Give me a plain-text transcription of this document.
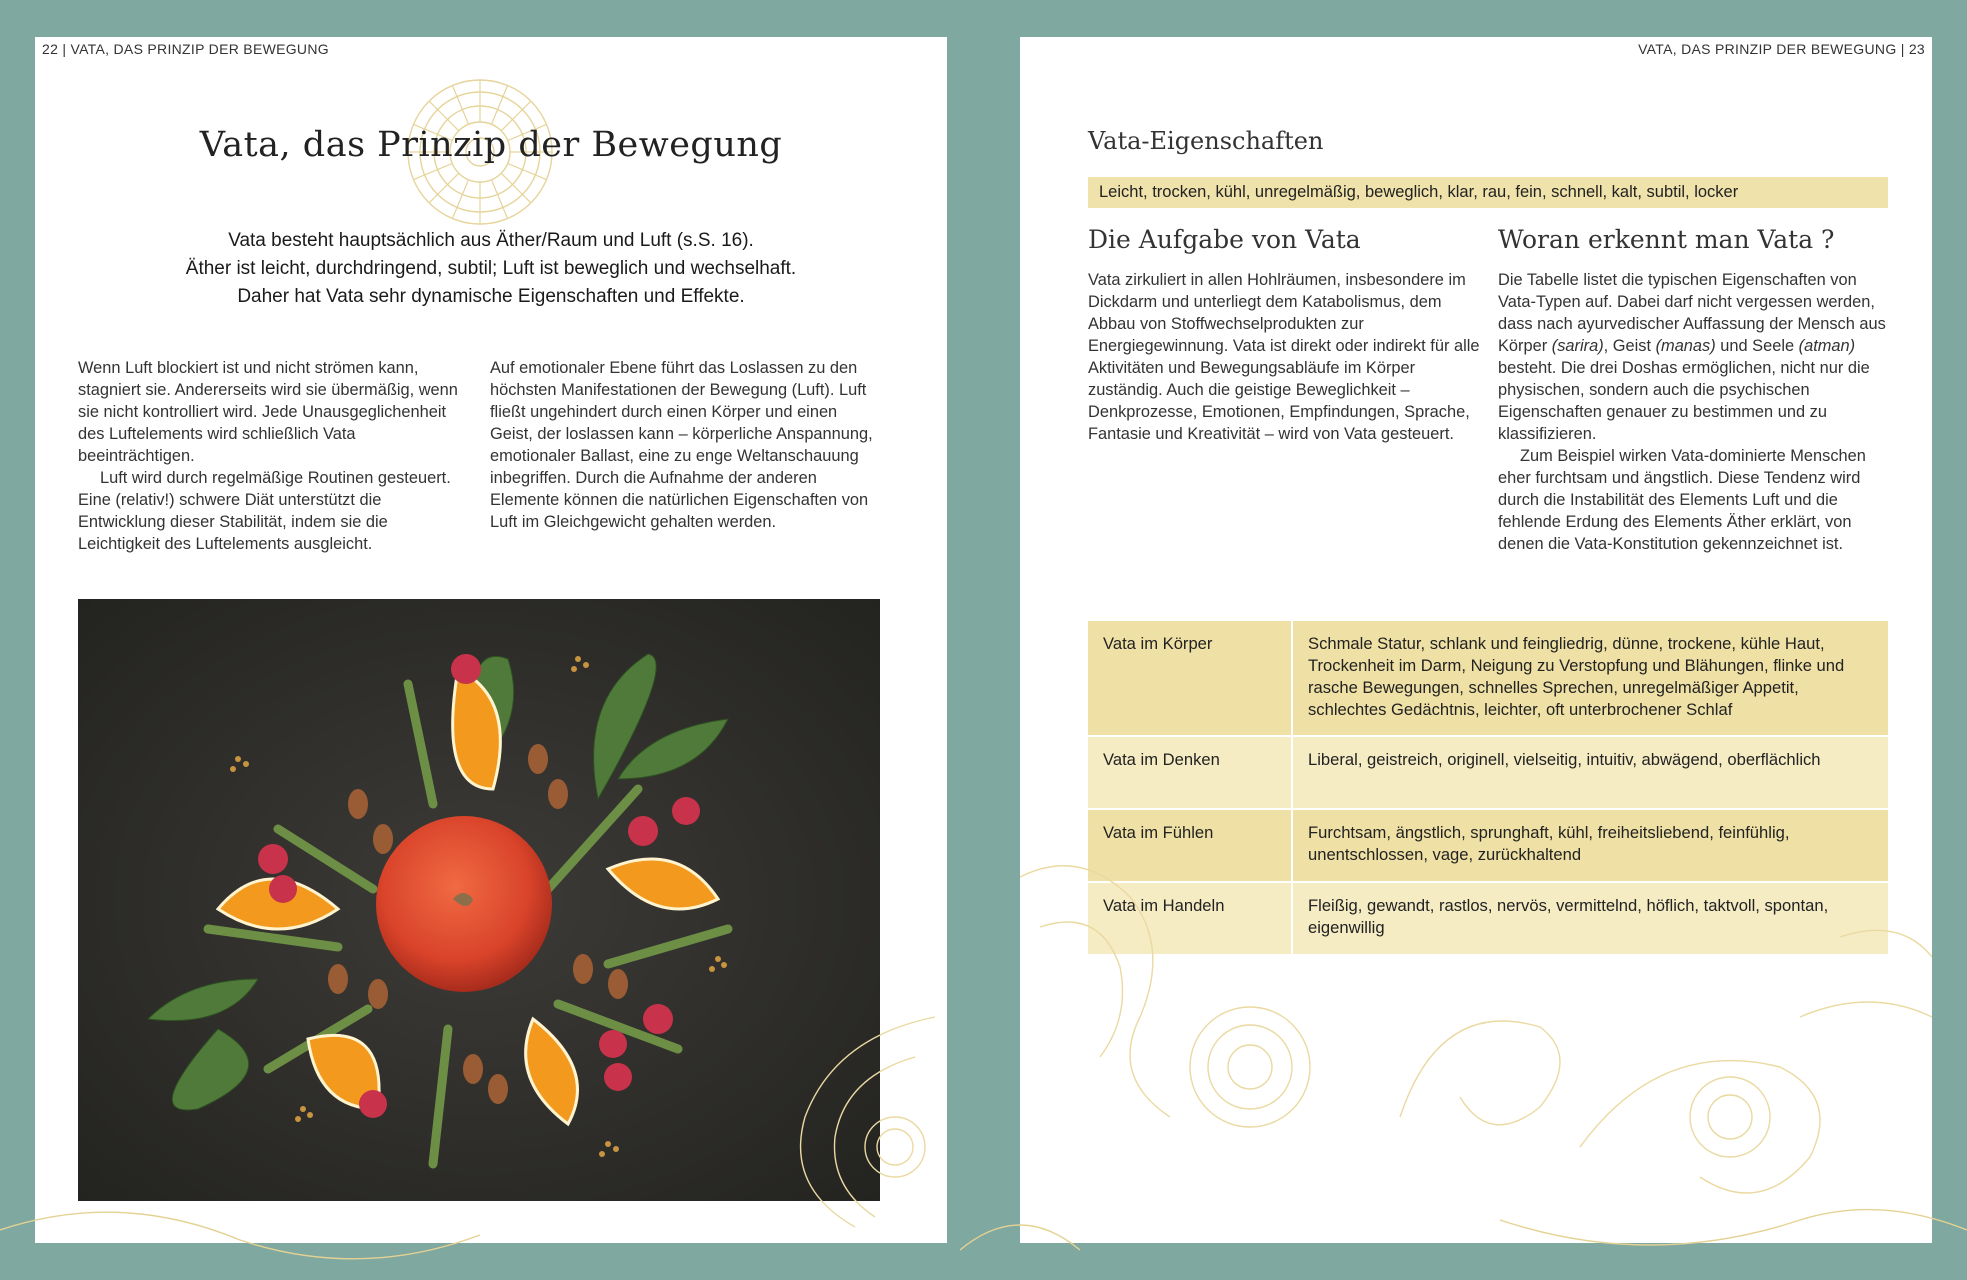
22 | VATA, DAS PRINZIP DER BEWEGUNG
Vata, das Prinzip der Bewegung

Vata besteht hauptsächlich aus Äther/Raum und Luft (s.S. 16).

Äther ist leicht, durchdringend, subtil; Luft ist beweglich und wechselhaft.

Daher hat Vata sehr dynamische Eigenschaften und Effekte.

Wenn Luft blockiert ist und nicht strömen kann, stagniert sie. Andererseits wird sie übermäßig, wenn sie nicht kontrolliert wird. Jede Unausgeglichenheit des Luftelements wird schließlich Vata beeinträchtigen.

Luft wird durch regelmäßige Routinen gesteuert. Eine (relativ!) schwere Diät unterstützt die Entwicklung dieser Stabilität, indem sie die Leichtigkeit des Luftelements ausgleicht.

Auf emotionaler Ebene führt das Loslassen zu den höchsten Manifestationen der Bewegung (Luft). Luft fließt ungehindert durch einen Körper und einen Geist, der loslassen kann – körperliche Anspannung, emotionaler Ballast, eine zu enge Weltanschauung inbegriffen. Durch die Aufnahme der anderen Elemente können die natürlichen Eigenschaften von Luft im Gleichgewicht gehalten werden.

VATA, DAS PRINZIP DER BEWEGUNG | 23
Vata-Eigenschaften
Leicht, trocken, kühl, unregelmäßig, beweglich, klar, rau, fein, schnell, kalt, subtil, locker
Die Aufgabe von Vata	Woran erkennt man Vata ?

Vata zirkuliert in allen Hohlräumen, insbesondere im Dickdarm und unterliegt dem Katabolismus, dem Abbau von Stoffwechselprodukten zur Energiegewinnung. Vata ist direkt oder indirekt für alle Aktivitäten und Bewegungsabläufe im Körper zuständig. Auch die geistige Beweglichkeit – Denkprozesse, Emotionen, Empfindungen, Sprache, Fantasie und Kreativität – wird von Vata gesteuert.

Die Tabelle listet die typischen Eigenschaften von Vata-Typen auf. Dabei darf nicht vergessen werden, dass nach ayurvedischer Auffassung der Mensch aus Körper (sarira), Geist (manas) und Seele (atman) besteht. Die drei Doshas ermöglichen, nicht nur die physischen, sondern auch die psychischen Eigenschaften genauer zu bestimmen und zu klassifizieren.

Zum Beispiel wirken Vata-dominierte Menschen eher furchtsam und ängstlich. Diese Tendenz wird durch die Instabilität des Elements Luft und die fehlende Erdung des Elements Äther erklärt, von denen die Vata-Konstitution gekennzeichnet ist.

Vata im Körper	Schmale Statur, schlank und feingliedrig, dünne, trockene, kühle Haut, Trockenheit im Darm, Neigung zu Verstopfung und Blähungen, flinke und rasche Bewegungen, schnelles Sprechen, unregelmäßiger Appetit, schlechtes Gedächtnis, leichter, oft unterbrochener Schlaf
Vata im Denken	Liberal, geistreich, originell, vielseitig, intuitiv, abwägend, oberflächlich
Vata im Fühlen	Furchtsam, ängstlich, sprunghaft, kühl, freiheitsliebend, feinfühlig, unentschlossen, vage, zurückhaltend
Vata im Handeln	Fleißig, gewandt, rastlos, nervös, vermittelnd, höflich, taktvoll, spontan, eigenwillig
